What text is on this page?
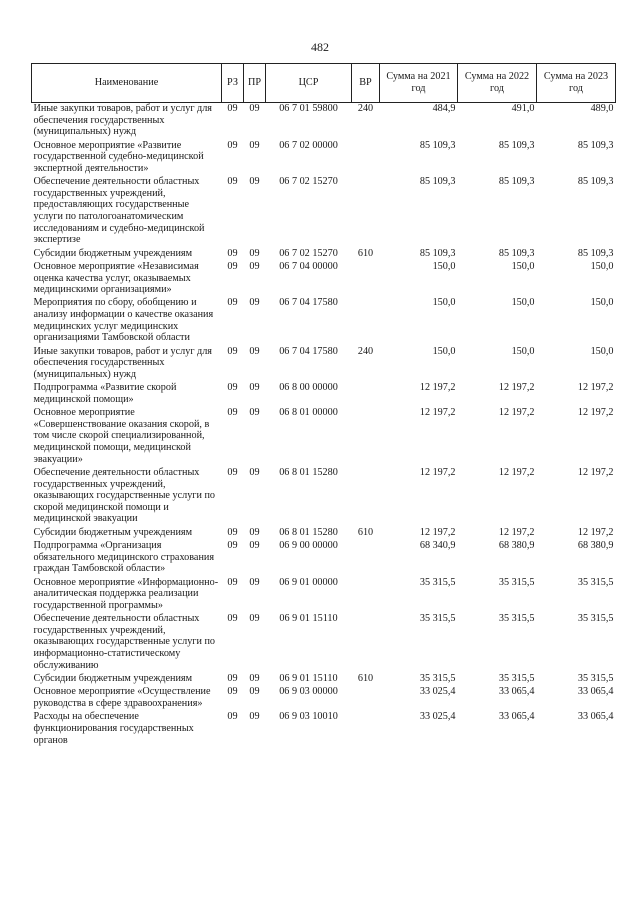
482
Наименование	РЗ	ПР	ЦСР	ВР	Сумма на 2021 год	Сумма на 2022 год	Сумма на 2023 год
Иные закупки товаров, работ и услуг для обеспечения государственных (муниципальных) нужд	09	09	06 7 01 59800	240	484,9	491,0	489,0
Основное мероприятие «Развитие государственной судебно-медицинской экспертной деятельности»	09	09	06 7 02 00000		85 109,3	85 109,3	85 109,3
Обеспечение деятельности областных государственных учреждений, предоставляющих государственные услуги по патологоанатомическим исследованиям и судебно-медицинской экспертизе	09	09	06 7 02 15270		85 109,3	85 109,3	85 109,3
Субсидии бюджетным учреждениям	09	09	06 7 02 15270	610	85 109,3	85 109,3	85 109,3
Основное мероприятие «Независимая оценка качества услуг, оказываемых медицинскими организациями»	09	09	06 7 04 00000		150,0	150,0	150,0
Мероприятия по сбору, обобщению и анализу информации о качестве оказания медицинских услуг медицинских организациями Тамбовской области	09	09	06 7 04 17580		150,0	150,0	150,0
Иные закупки товаров, работ и услуг для обеспечения государственных (муниципальных) нужд	09	09	06 7 04 17580	240	150,0	150,0	150,0
Подпрограмма «Развитие скорой медицинской помощи»	09	09	06 8 00 00000		12 197,2	12 197,2	12 197,2
Основное мероприятие «Совершенствование оказания скорой, в том числе скорой специализированной, медицинской помощи, медицинской эвакуации»	09	09	06 8 01 00000		12 197,2	12 197,2	12 197,2
Обеспечение деятельности областных государственных учреждений, оказывающих государственные услуги по скорой медицинской помощи и медицинской эвакуации	09	09	06 8 01 15280		12 197,2	12 197,2	12 197,2
Субсидии бюджетным учреждениям	09	09	06 8 01 15280	610	12 197,2	12 197,2	12 197,2
Подпрограмма «Организация обязательного медицинского страхования граждан Тамбовской области»	09	09	06 9 00 00000		68 340,9	68 380,9	68 380,9
Основное мероприятие «Информационно-аналитическая поддержка реализации государственной программы»	09	09	06 9 01 00000		35 315,5	35 315,5	35 315,5
Обеспечение деятельности областных государственных учреждений, оказывающих государственные услуги по информационно-статистическому обслуживанию	09	09	06 9 01 15110		35 315,5	35 315,5	35 315,5
Субсидии бюджетным учреждениям	09	09	06 9 01 15110	610	35 315,5	35 315,5	35 315,5
Основное мероприятие «Осуществление руководства в сфере здравоохранения»	09	09	06 9 03 00000		33 025,4	33 065,4	33 065,4
Расходы на обеспечение функционирования государственных органов	09	09	06 9 03 10010		33 025,4	33 065,4	33 065,4
